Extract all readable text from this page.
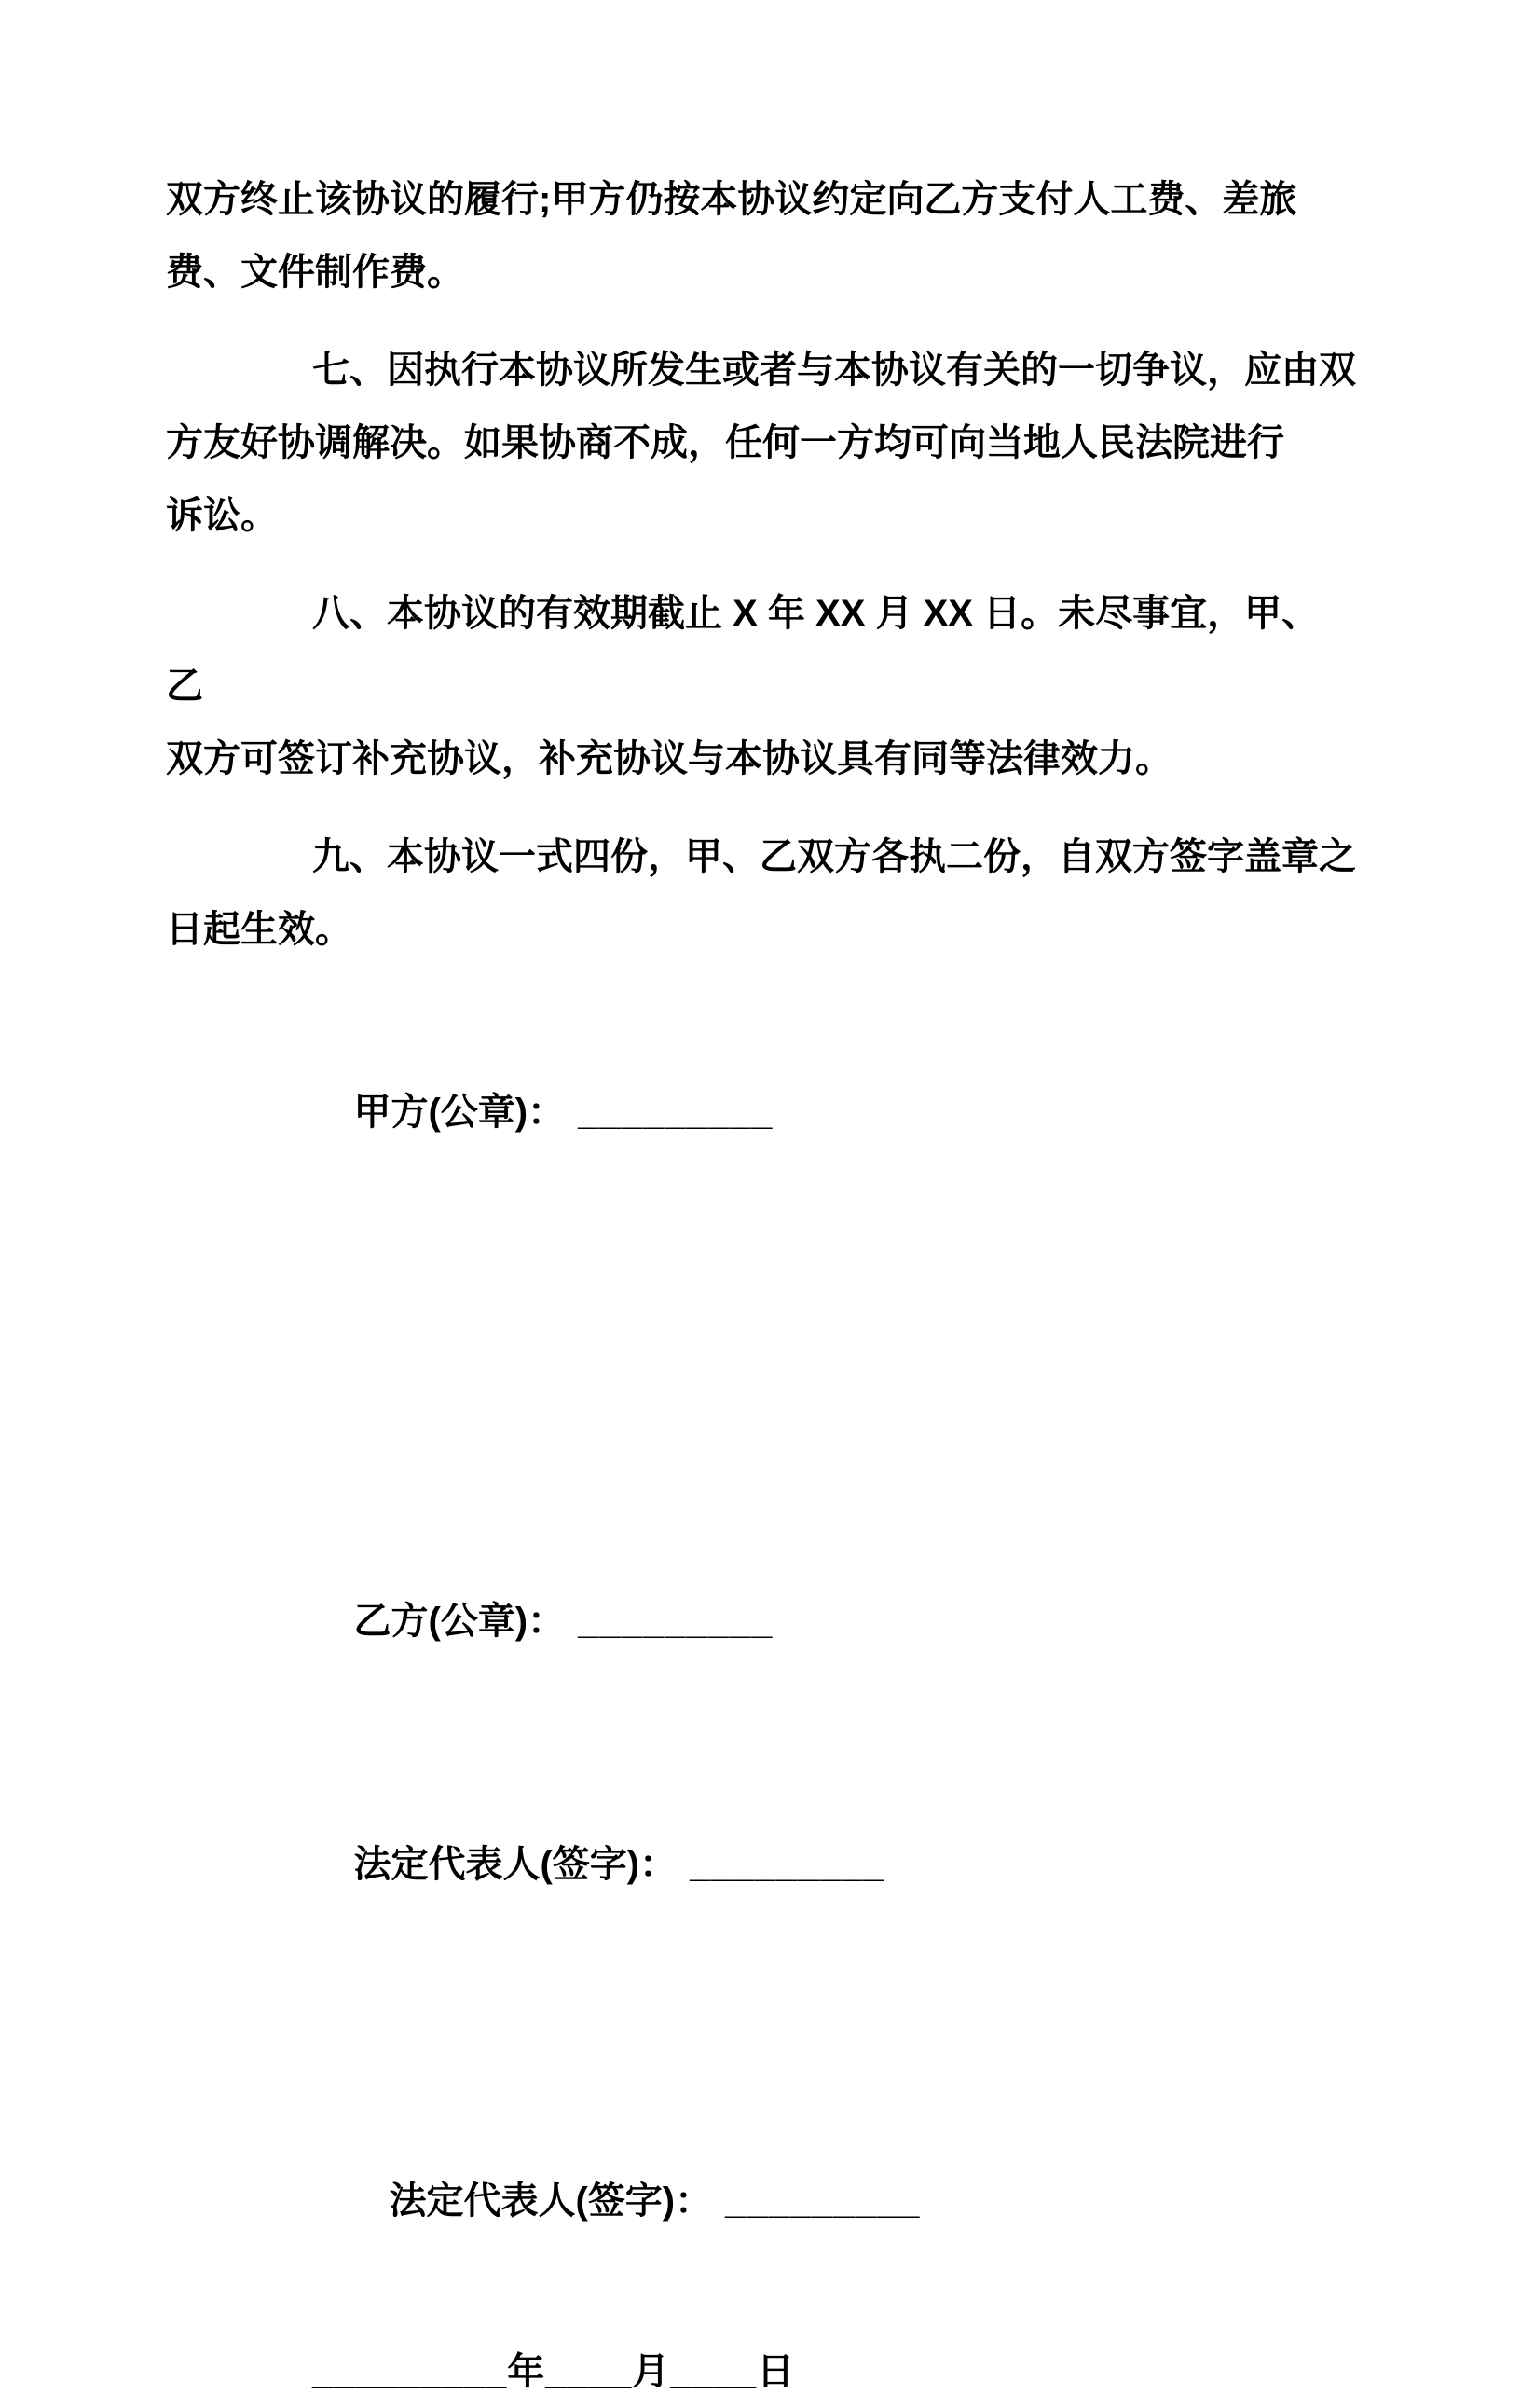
双方终止该协议的履行;甲方仍按本协议约定向乙方支付人工费、差旅
费、文件制作费。

七、因执行本协议所发生或者与本协议有关的一切争议，应由双
方友好协调解决。如果协商不成，任何一方均可向当地人民法院进行
诉讼。

八、本协议的有效期截止 X 年 XX 月 XX 日。未尽事宜，甲、乙
双方可签订补充协议，补充协议与本协议具有同等法律效力。

九、本协议一式四份，甲、乙双方各执二份，自双方签字盖章之
日起生效。

甲方(公章)： _________

乙方(公章)： _________

法定代表人(签字)： _________

法定代表人(签字)： _________

_________年____月____日
